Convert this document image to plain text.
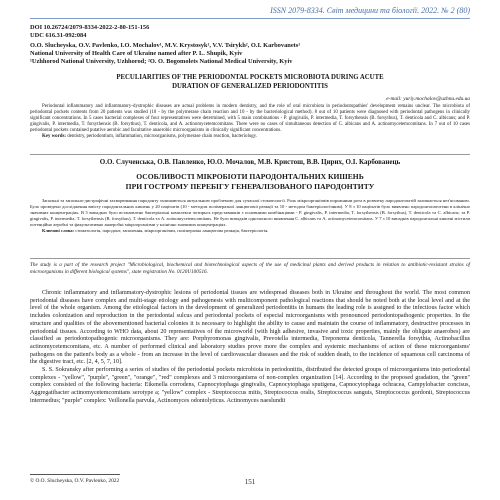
ISSN 2079-8334. Світ медицини та біології. 2022. № 2 (80)
DOI 10.26724/2079-8334-2022-2-80-151-156
UDC 616.31-092:084
O.O. Slucheyska, O.V. Pavlenko, I.O. Mochalov¹, M.V. Krystosyk¹, V.V. Tsirykh², O.I. Karbovanets¹
National University of Health Care of Ukraine named after P. L. Shupik, Kyiv
¹Uzhhorod National University, Uzhhorod; ²O. O. Bogomolets National Medical University, Kyiv
PECULIARITIES OF THE PERIODONTAL POCKETS MICROBIOTA DURING ACUTE
DURATION OF GENERALIZED PERIODONTITIS
e-mail: yuriy.mochalov@uzhnu.edu.ua

Periodontal inflammatory and inflammatory-dystrophic diseases are actual problems in modern dentistry, and the role of oral microbiota in periodontopathies' development remains unclear. The microbiota of periodontal pockets contents from 20 patients was studied (10 - by the polymerase chain reaction and 10 - by the bacteriological method). 8 out of 10 patients were diagnosed with periodontal pathogens in clinically significant concentrations. In 5 cases bacterial complexes of four representatives were determined, with 5 main combinations - P. gingivalis, P. intermedia, T. forsythensis (B. forsythus), T. denticola and C. albicans; and P. gingivalis, P. intermedia, T. forsythensis (B. forsythus), T. denticola, and A. actinomycetemcomitans. There were no cases of simultaneous detection of C. albicans and A. actinomycetemcomitans. In 7 out of 10 cases periodontal pockets contained putative aerobic and facultative anaerobic microorganisms in clinically significant concentrations.

Key words: dentistry, periodontium, inflammation, microorganisms, polymerase chain reaction, bacteriology.

О.О. Слученська, О.В. Павленко, Ю.О. Мочалов, М.В. Кристош, В.В. Цирих, О.І. Карбованець
ОСОБЛИВОСТІ МІКРОБІОТИ ПАРОДОНТАЛЬНИХ КИШЕНЬ
ПРИ ГОСТРОМУ ПЕРЕБІГУ ГЕНЕРАЛІЗОВАНОГО ПАРОДОНТИТУ

Запальні та запально-дистрофічні захворювання пародонту залишаються актуальною проблемою для сучасної стоматології. Роль мікроорганізмів порожнини рота в розвитку пародонтопатій залишається нез'ясованою. Було проведено дослідження вмісту пародонтальних кишень у 20 пацієнтів (10 - методом полімеразної ланцюгової реакції та 10 - методом бактеріологічним). У 8 з 10 пацієнтів було виявлено пародонтопатогени в клінічно значимих концентраціях. В 5 випадках було встановлено бактеріальні комплекси чотирьох представників з основними комбінаціями - P. gingivalis, P. intermedia, T. forsythensis (B. forsythus), T. denticola та C. albicans; та P. gingivalis, P. intermedia, T. forsythensis (B. forsythus), T. denticola та A. actinomycetemcomitans. Не було випадків одночасного виявлення C. albicans та A. actinomycetemcomitans. У 7 з 10 випадків пародонтальні кишені містили потенційно аеробні та факультативно анаеробні мікроорганізми у клінічно значимих концентраціях.

Ключові слова: стоматологія, пародонт, запалення, мікроорганізми, полімеразна ланцюгова реакція, бактеріологія.

The study is a part of the research project "Microbiological, biochemical and biotechnological aspects of the use of medicinal plants and derived products in relation to antibiotic-resistant strains of microorganisms in different biological systems", state registration No. 0120U100516.

Chronic inflammatory and inflammatory-dystrophic lesions of periodontal tissues are widespread diseases both in Ukraine and throughout the world. The most common periodontal diseases have complex and multi-stage etiology and pathogenesis with multicomponent pathological reactions that should be noted both at the local level and at the level of the whole organism. Among the etiological factors in the development of generalized periodontitis in humans the leading role is assigned to the infectious factor which includes colonization and reproduction in the periodontal sulcus and periodontal pockets of especial microorganisms with pronounced periodontopathogenic properties. In the structure and qualities of the abovementioned bacterial colonies it is necessary to highlight the ability to cause and maintain the course of inflammatory, destructive processes in periodontal tissues. According to WHO data, about 20 representatives of the microworld (with high adhesive, invasive and toxic properties, mainly the obligate anaerobes) are classified as periodontopathogenic microorganisms. They are: Porphyromonas gingivalis, Prevotella intermedia, Treponema denticola, Tannerella forsythia, Actinobacillus actinomycetemcomitans, etc. A number of performed clinical and laboratory studies prove more the complex and systemic mechanisms of action of these microorganisms' pathogens on the patient's body as a whole - from an increase in the level of cardiovascular diseases and the risk of sudden death, to the incidence of squamous cell carcinoma of the digestive tract, etc. [2, 4, 5, 7, 10].

S. S. Sokransky after performing a series of studies of the periodontal pockets microbiota in periodontitis, distributed the detected groups of microorganisms into periodontal complexes - "yellow", "purple", "green", "orange", "red" complexes and 3 microorganisms of non-complex organization [14]. According to the proposed gradation, the "green" complex consisted of the following bacteria: Eikenella corrodens, Capnocytophaga gingivalis, Capnocytophaga sputigena, Capnocytophaga ochracea, Campylobacter concisus, Aggregatibacter actinomycetemcomitans serotype a; "yellow" complex - Streptococcus mitis, Streptococcus oralis, Streptococcus sanguis, Streptococcus gordonii, Streptococcus intermedius; "purple" complex: Veillonella parvula, Actinomyces odontolyticus. Actinomyces naeslundii

© O.O. Slucheyska, O.V. Pavlenko, 2022	151
